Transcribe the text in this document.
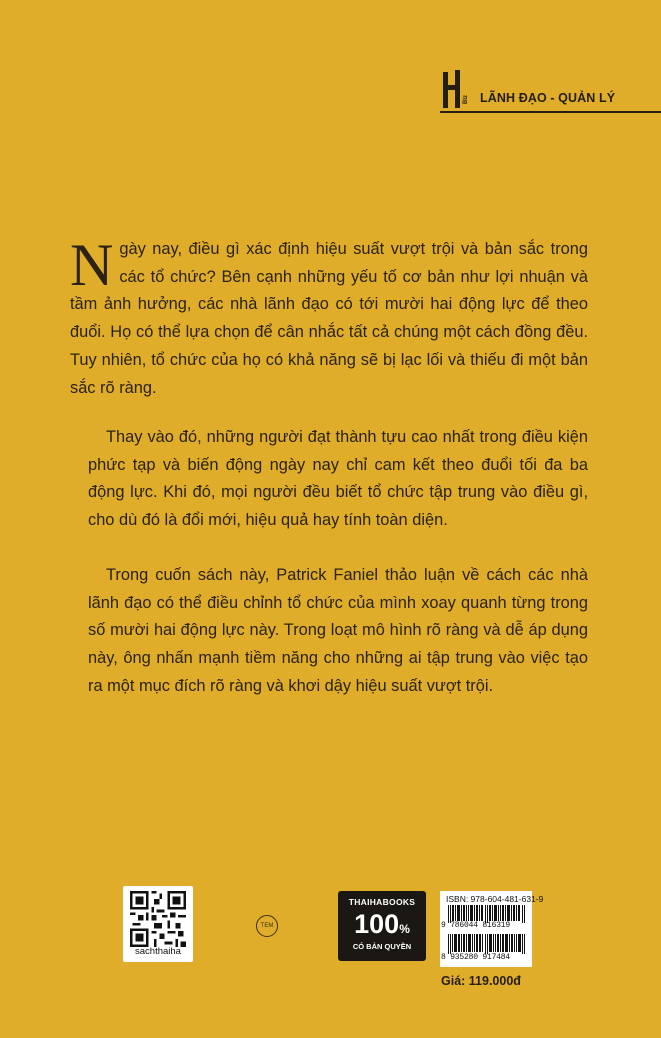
Biz LÃNH ĐẠO - QUẢN LÝ
N gày nay, điều gì xác định hiệu suất vượt trội và bản sắc trong các tổ chức? Bên cạnh những yếu tố cơ bản như lợi nhuận và tầm ảnh hưởng, các nhà lãnh đạo có tới mười hai động lực để theo đuổi. Họ có thể lựa chọn để cân nhắc tất cả chúng một cách đồng đều. Tuy nhiên, tổ chức của họ có khả năng sẽ bị lạc lối và thiếu đi một bản sắc rõ ràng.

Thay vào đó, những người đạt thành tựu cao nhất trong điều kiện phức tạp và biến động ngày nay chỉ cam kết theo đuổi tối đa ba động lực. Khi đó, mọi người đều biết tổ chức tập trung vào điều gì, cho dù đó là đổi mới, hiệu quả hay tính toàn diện.

Trong cuốn sách này, Patrick Faniel thảo luận về cách các nhà lãnh đạo có thể điều chỉnh tổ chức của mình xoay quanh từng trong số mười hai động lực này. Trong loạt mô hình rõ ràng và dễ áp dụng này, ông nhấn mạnh tiềm năng cho những ai tập trung vào việc tạo ra một mục đích rõ ràng và khơi dậy hiệu suất vượt trội.

sachthaiha
TEM
THAIHABOOKS
100%
CÓ BẢN QUYỀN
ISBN: 978-604-481-631-9
9 786044 816319
8 935280 917484
Giá: 119.000đ
